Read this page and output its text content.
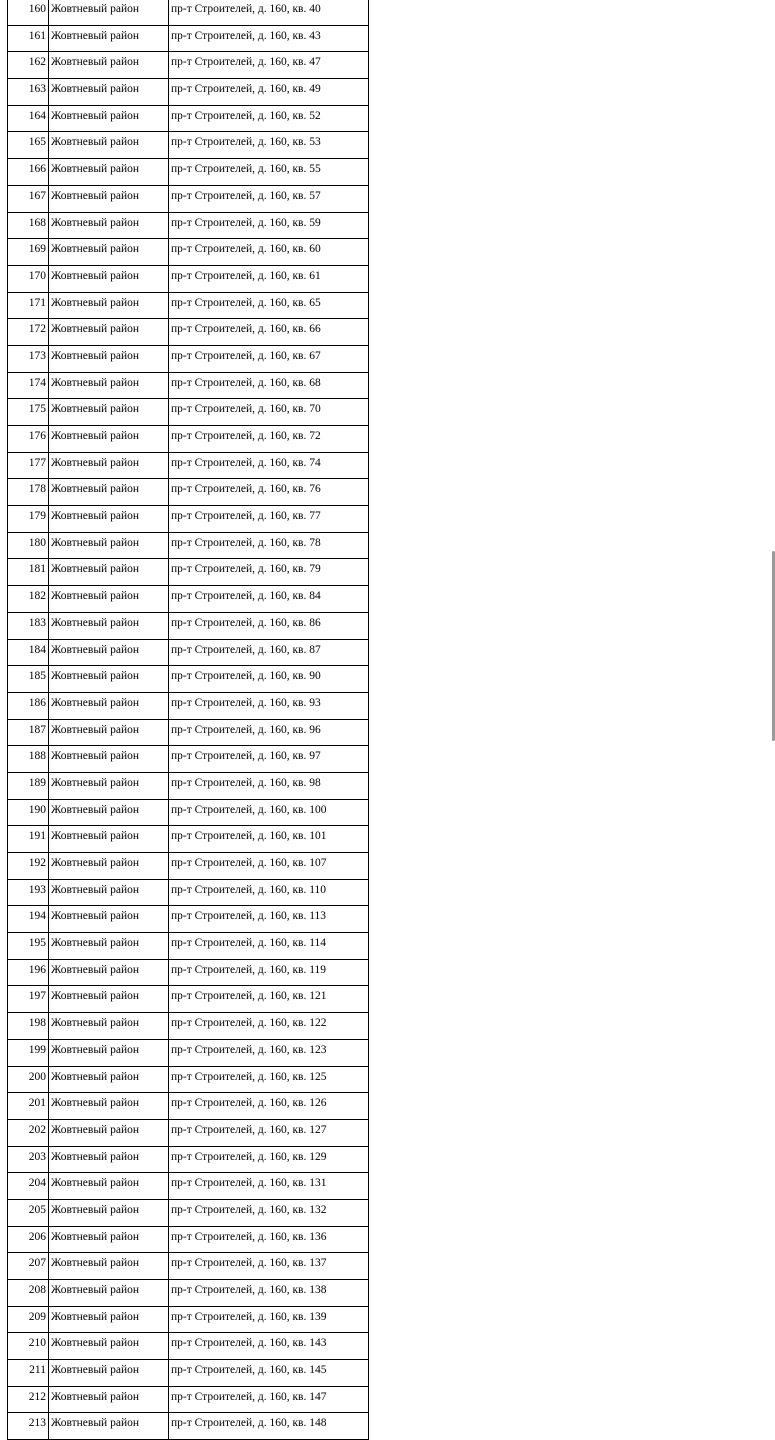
160	Жовтневый район	пр-т Строителей, д. 160, кв. 40
161	Жовтневый район	пр-т Строителей, д. 160, кв. 43
162	Жовтневый район	пр-т Строителей, д. 160, кв. 47
163	Жовтневый район	пр-т Строителей, д. 160, кв. 49
164	Жовтневый район	пр-т Строителей, д. 160, кв. 52
165	Жовтневый район	пр-т Строителей, д. 160, кв. 53
166	Жовтневый район	пр-т Строителей, д. 160, кв. 55
167	Жовтневый район	пр-т Строителей, д. 160, кв. 57
168	Жовтневый район	пр-т Строителей, д. 160, кв. 59
169	Жовтневый район	пр-т Строителей, д. 160, кв. 60
170	Жовтневый район	пр-т Строителей, д. 160, кв. 61
171	Жовтневый район	пр-т Строителей, д. 160, кв. 65
172	Жовтневый район	пр-т Строителей, д. 160, кв. 66
173	Жовтневый район	пр-т Строителей, д. 160, кв. 67
174	Жовтневый район	пр-т Строителей, д. 160, кв. 68
175	Жовтневый район	пр-т Строителей, д. 160, кв. 70
176	Жовтневый район	пр-т Строителей, д. 160, кв. 72
177	Жовтневый район	пр-т Строителей, д. 160, кв. 74
178	Жовтневый район	пр-т Строителей, д. 160, кв. 76
179	Жовтневый район	пр-т Строителей, д. 160, кв. 77
180	Жовтневый район	пр-т Строителей, д. 160, кв. 78
181	Жовтневый район	пр-т Строителей, д. 160, кв. 79
182	Жовтневый район	пр-т Строителей, д. 160, кв. 84
183	Жовтневый район	пр-т Строителей, д. 160, кв. 86
184	Жовтневый район	пр-т Строителей, д. 160, кв. 87
185	Жовтневый район	пр-т Строителей, д. 160, кв. 90
186	Жовтневый район	пр-т Строителей, д. 160, кв. 93
187	Жовтневый район	пр-т Строителей, д. 160, кв. 96
188	Жовтневый район	пр-т Строителей, д. 160, кв. 97
189	Жовтневый район	пр-т Строителей, д. 160, кв. 98
190	Жовтневый район	пр-т Строителей, д. 160, кв. 100
191	Жовтневый район	пр-т Строителей, д. 160, кв. 101
192	Жовтневый район	пр-т Строителей, д. 160, кв. 107
193	Жовтневый район	пр-т Строителей, д. 160, кв. 110
194	Жовтневый район	пр-т Строителей, д. 160, кв. 113
195	Жовтневый район	пр-т Строителей, д. 160, кв. 114
196	Жовтневый район	пр-т Строителей, д. 160, кв. 119
197	Жовтневый район	пр-т Строителей, д. 160, кв. 121
198	Жовтневый район	пр-т Строителей, д. 160, кв. 122
199	Жовтневый район	пр-т Строителей, д. 160, кв. 123
200	Жовтневый район	пр-т Строителей, д. 160, кв. 125
201	Жовтневый район	пр-т Строителей, д. 160, кв. 126
202	Жовтневый район	пр-т Строителей, д. 160, кв. 127
203	Жовтневый район	пр-т Строителей, д. 160, кв. 129
204	Жовтневый район	пр-т Строителей, д. 160, кв. 131
205	Жовтневый район	пр-т Строителей, д. 160, кв. 132
206	Жовтневый район	пр-т Строителей, д. 160, кв. 136
207	Жовтневый район	пр-т Строителей, д. 160, кв. 137
208	Жовтневый район	пр-т Строителей, д. 160, кв. 138
209	Жовтневый район	пр-т Строителей, д. 160, кв. 139
210	Жовтневый район	пр-т Строителей, д. 160, кв. 143
211	Жовтневый район	пр-т Строителей, д. 160, кв. 145
212	Жовтневый район	пр-т Строителей, д. 160, кв. 147
213	Жовтневый район	пр-т Строителей, д. 160, кв. 148
